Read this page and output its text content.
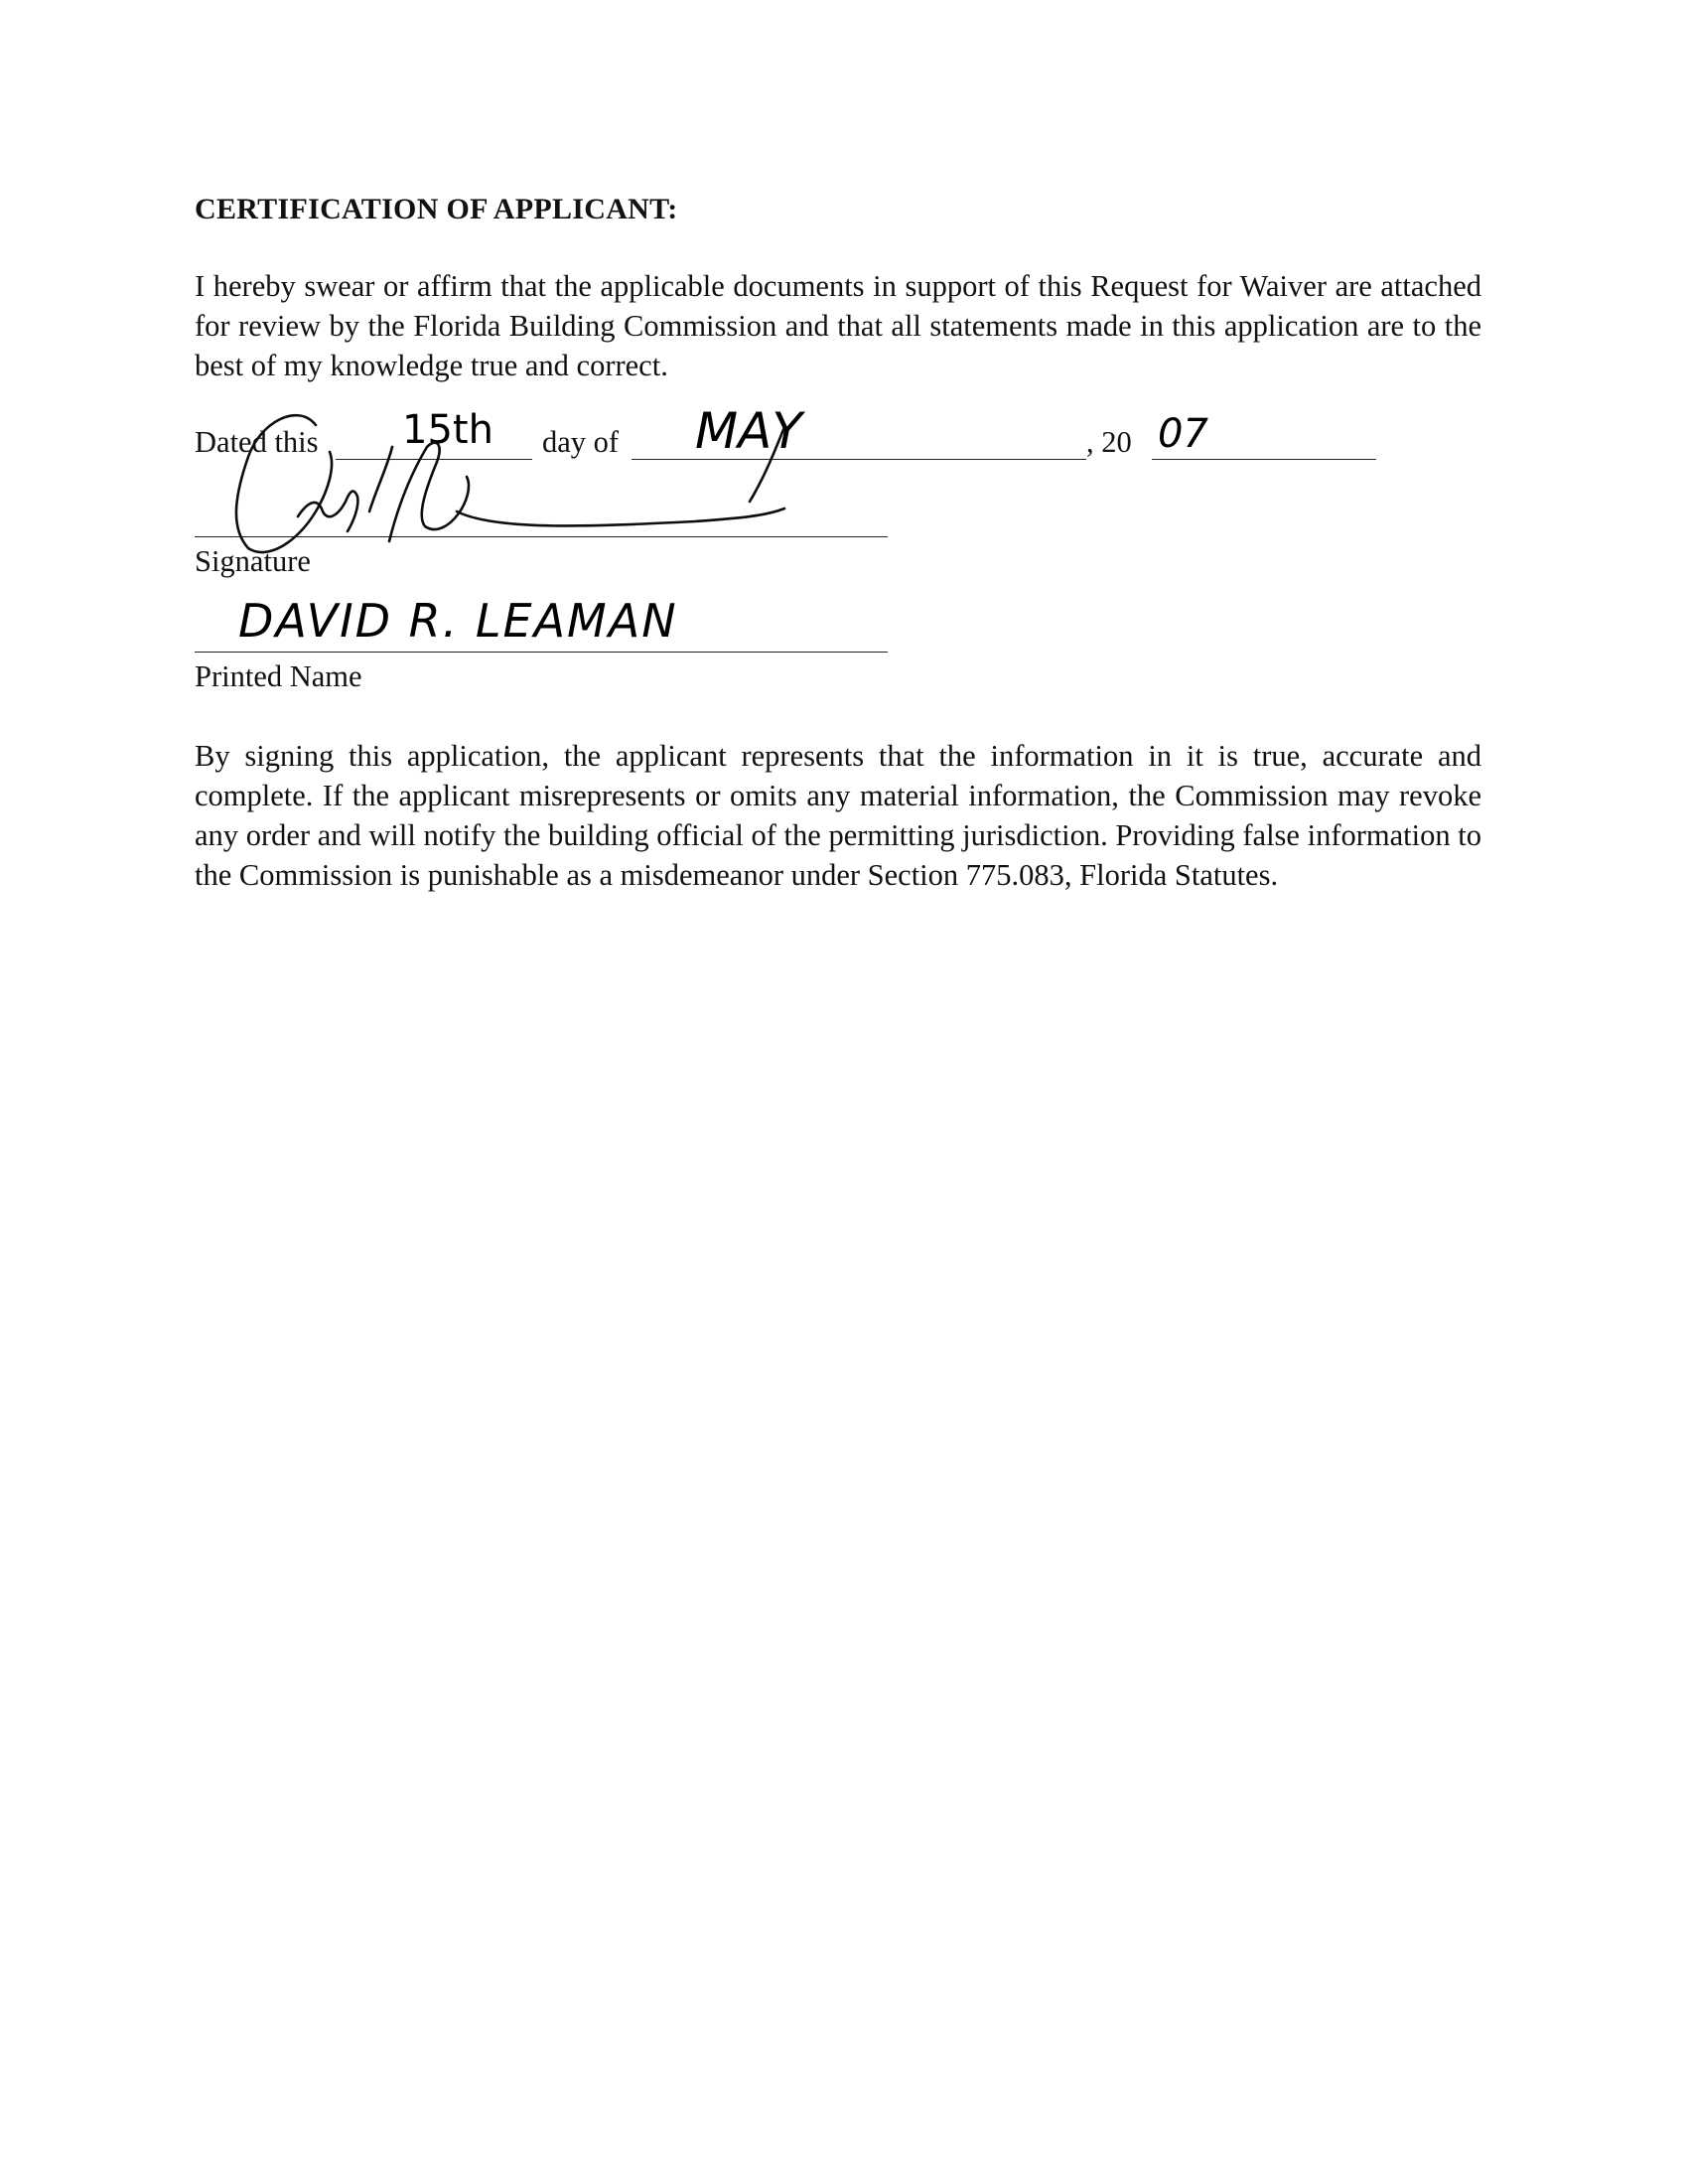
CERTIFICATION OF APPLICANT:

I hereby swear or affirm that the applicable documents in support of this Request for Waiver are attached for review by the Florida Building Commission and that all statements made in this application are to the best of my knowledge true and correct.

Dated this 15th day of MAY	, 20 07
Signature
Printed Name
DAVID R. LEAMAN

By signing this application, the applicant represents that the information in it is true, accurate and complete. If the applicant misrepresents or omits any material information, the Commission may revoke any order and will notify the building official of the permitting jurisdiction. Providing false information to the Commission is punishable as a misdemeanor under Section 775.083, Florida Statutes.
